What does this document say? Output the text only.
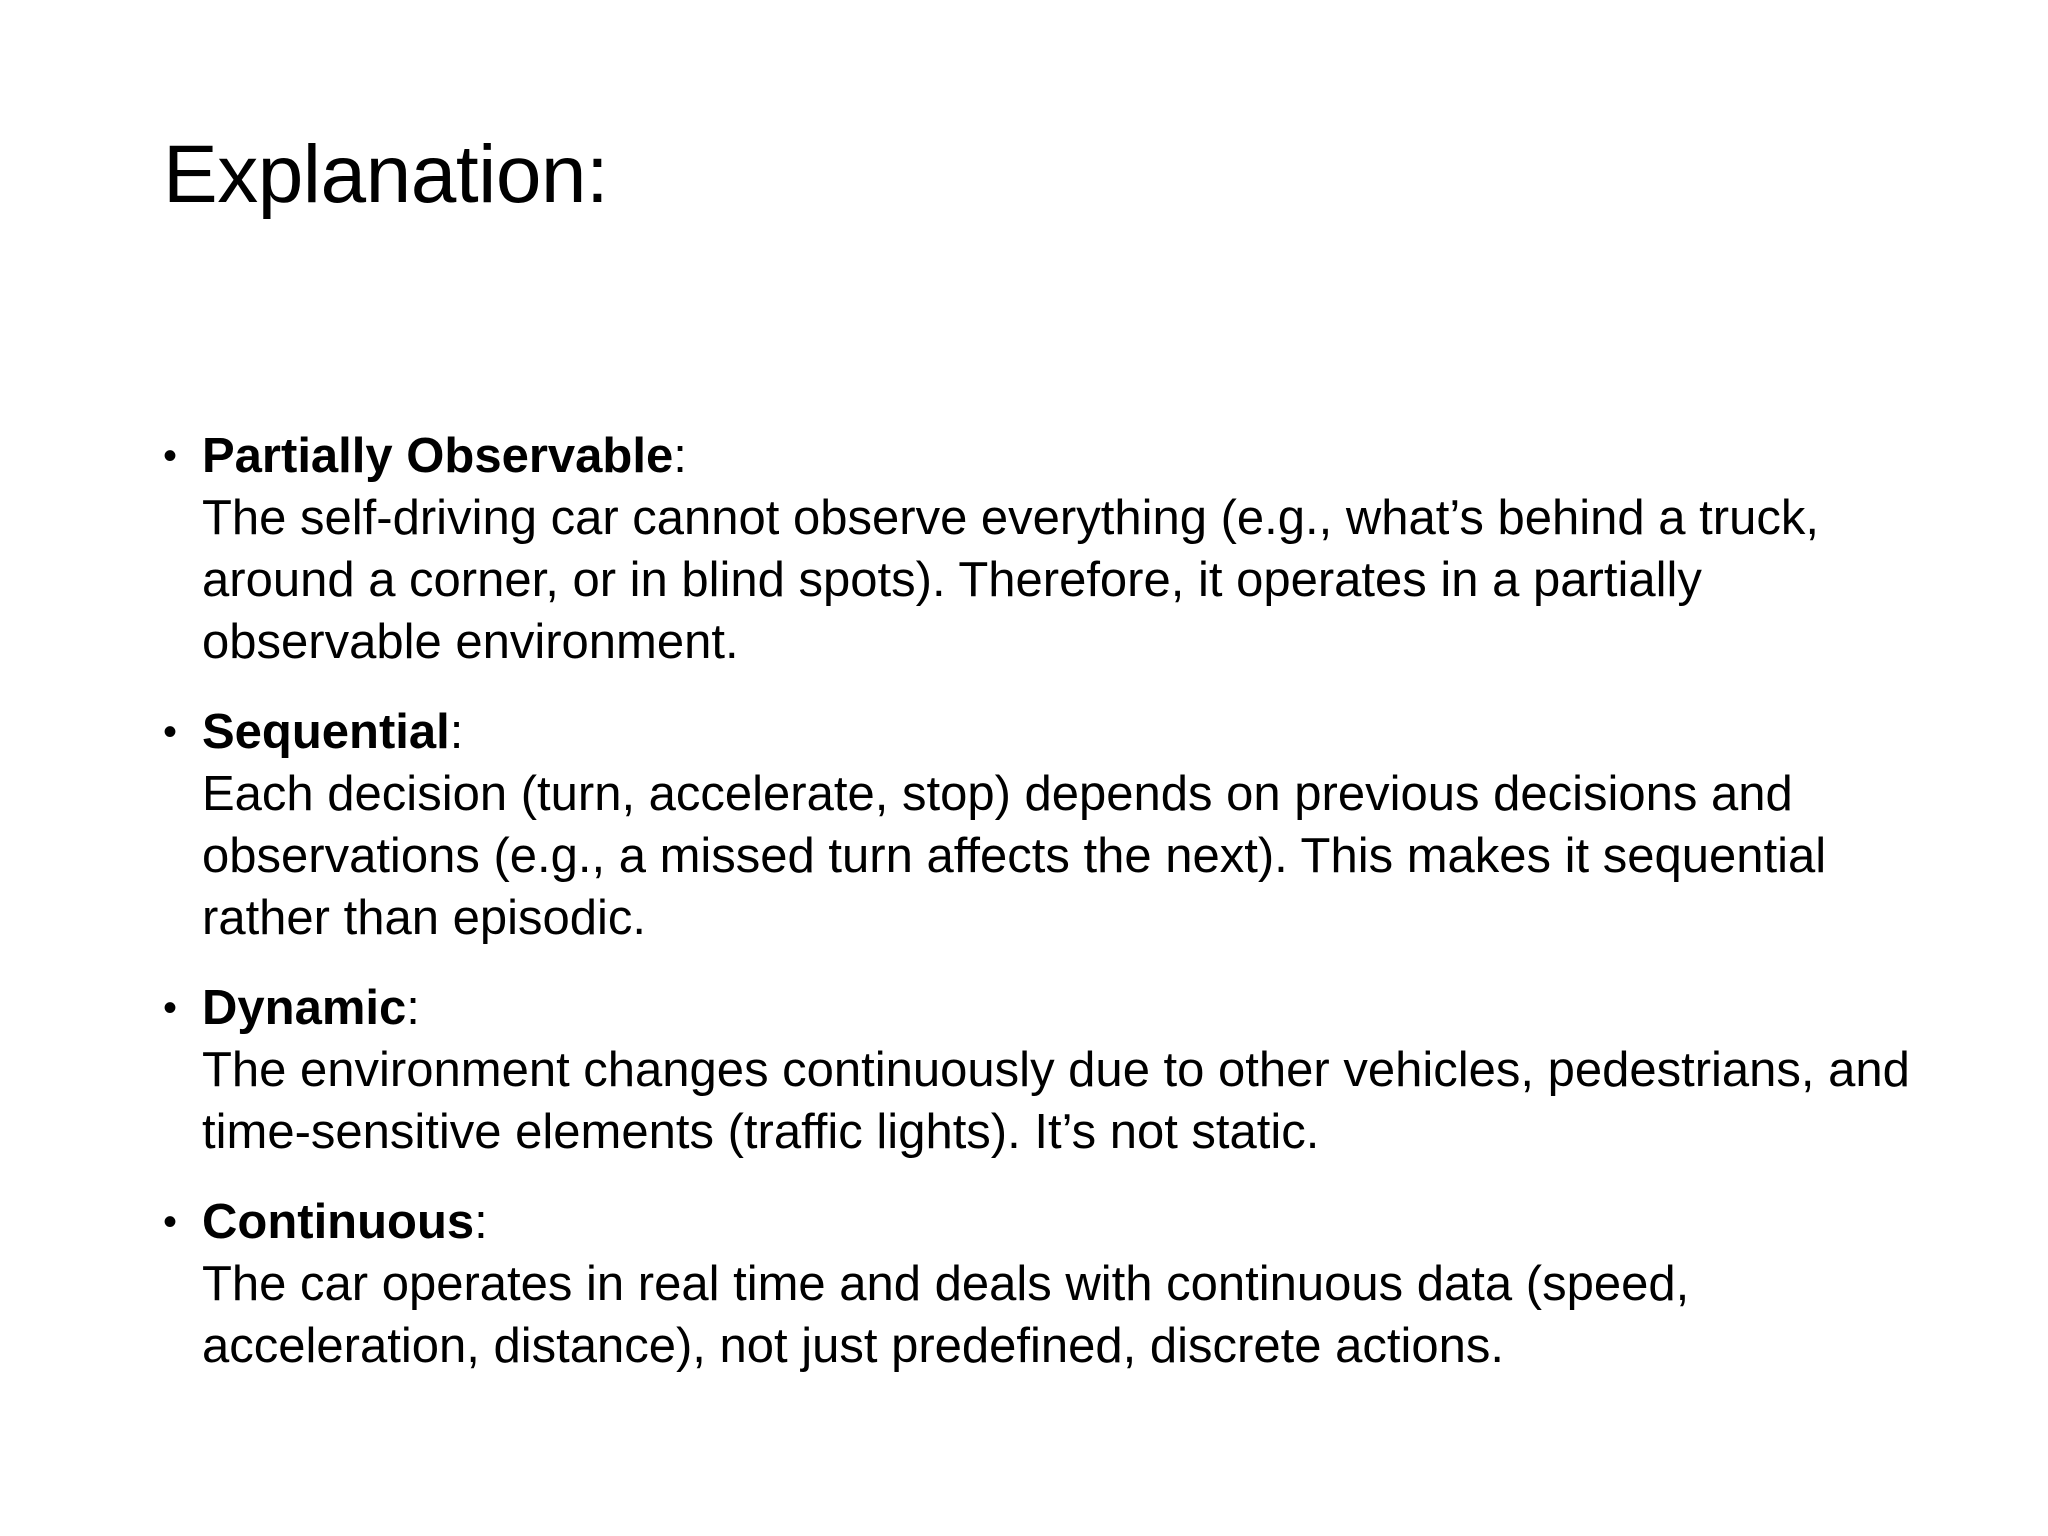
Explanation:
• Partially Observable:
The self-driving car cannot observe everything (e.g., what’s behind a truck, around a corner, or in blind spots). Therefore, it operates in a partially observable environment.
• Sequential:
Each decision (turn, accelerate, stop) depends on previous decisions and observations (e.g., a missed turn affects the next). This makes it sequential rather than episodic.
• Dynamic:
The environment changes continuously due to other vehicles, pedestrians, and time-sensitive elements (traffic lights). It’s not static.
• Continuous:
The car operates in real time and deals with continuous data (speed, acceleration, distance), not just predefined, discrete actions.
